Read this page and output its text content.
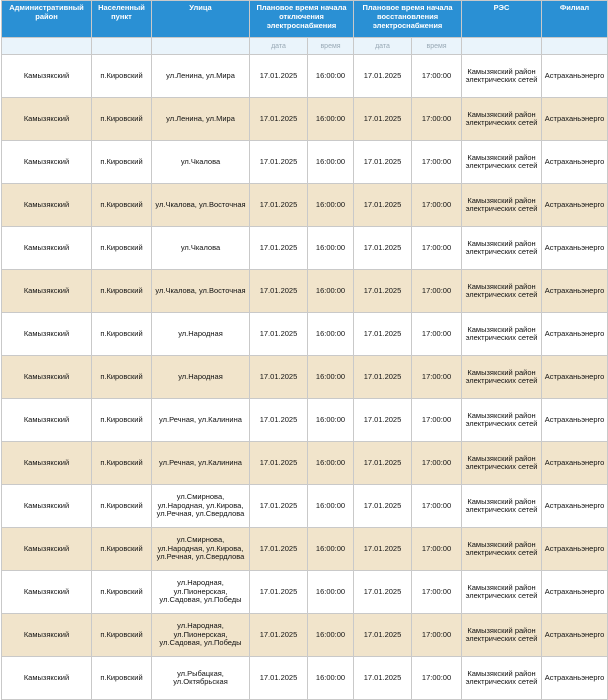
Административный район	Населенный пункт	Улица	Плановое время начала отключения электроснабжения		Плановое время начала восстановления электроснабжения		РЭС	Филиал
			дата	время	дата	время		
Камызякский	п.Кировский	ул.Ленина, ул.Мира	17.01.2025	16:00:00	17.01.2025	17:00:00	Камызякский район электрических сетей	Астраханьэнерго
Камызякский	п.Кировский	ул.Ленина, ул.Мира	17.01.2025	16:00:00	17.01.2025	17:00:00	Камызякский район электрических сетей	Астраханьэнерго
Камызякский	п.Кировский	ул.Чкалова	17.01.2025	16:00:00	17.01.2025	17:00:00	Камызякский район электрических сетей	Астраханьэнерго
Камызякский	п.Кировский	ул.Чкалова, ул.Восточная	17.01.2025	16:00:00	17.01.2025	17:00:00	Камызякский район электрических сетей	Астраханьэнерго
Камызякский	п.Кировский	ул.Чкалова	17.01.2025	16:00:00	17.01.2025	17:00:00	Камызякский район электрических сетей	Астраханьэнерго
Камызякский	п.Кировский	ул.Чкалова, ул.Восточная	17.01.2025	16:00:00	17.01.2025	17:00:00	Камызякский район электрических сетей	Астраханьэнерго
Камызякский	п.Кировский	ул.Народная	17.01.2025	16:00:00	17.01.2025	17:00:00	Камызякский район электрических сетей	Астраханьэнерго
Камызякский	п.Кировский	ул.Народная	17.01.2025	16:00:00	17.01.2025	17:00:00	Камызякский район электрических сетей	Астраханьэнерго
Камызякский	п.Кировский	ул.Речная, ул.Калинина	17.01.2025	16:00:00	17.01.2025	17:00:00	Камызякский район электрических сетей	Астраханьэнерго
Камызякский	п.Кировский	ул.Речная, ул.Калинина	17.01.2025	16:00:00	17.01.2025	17:00:00	Камызякский район электрических сетей	Астраханьэнерго
Камызякский	п.Кировский	ул.Смирнова, ул.Народная, ул.Кирова, ул.Речная, ул.Свердлова	17.01.2025	16:00:00	17.01.2025	17:00:00	Камызякский район электрических сетей	Астраханьэнерго
Камызякский	п.Кировский	ул.Смирнова, ул.Народная, ул.Кирова, ул.Речная, ул.Свердлова	17.01.2025	16:00:00	17.01.2025	17:00:00	Камызякский район электрических сетей	Астраханьэнерго
Камызякский	п.Кировский	ул.Народная, ул.Пионерская, ул.Садовая, ул.Победы	17.01.2025	16:00:00	17.01.2025	17:00:00	Камызякский район электрических сетей	Астраханьэнерго
Камызякский	п.Кировский	ул.Народная, ул.Пионерская, ул.Садовая, ул.Победы	17.01.2025	16:00:00	17.01.2025	17:00:00	Камызякский район электрических сетей	Астраханьэнерго
Камызякский	п.Кировский	ул.Рыбацкая, ул.Октябрьская	17.01.2025	16:00:00	17.01.2025	17:00:00	Камызякский район электрических сетей	Астраханьэнерго
